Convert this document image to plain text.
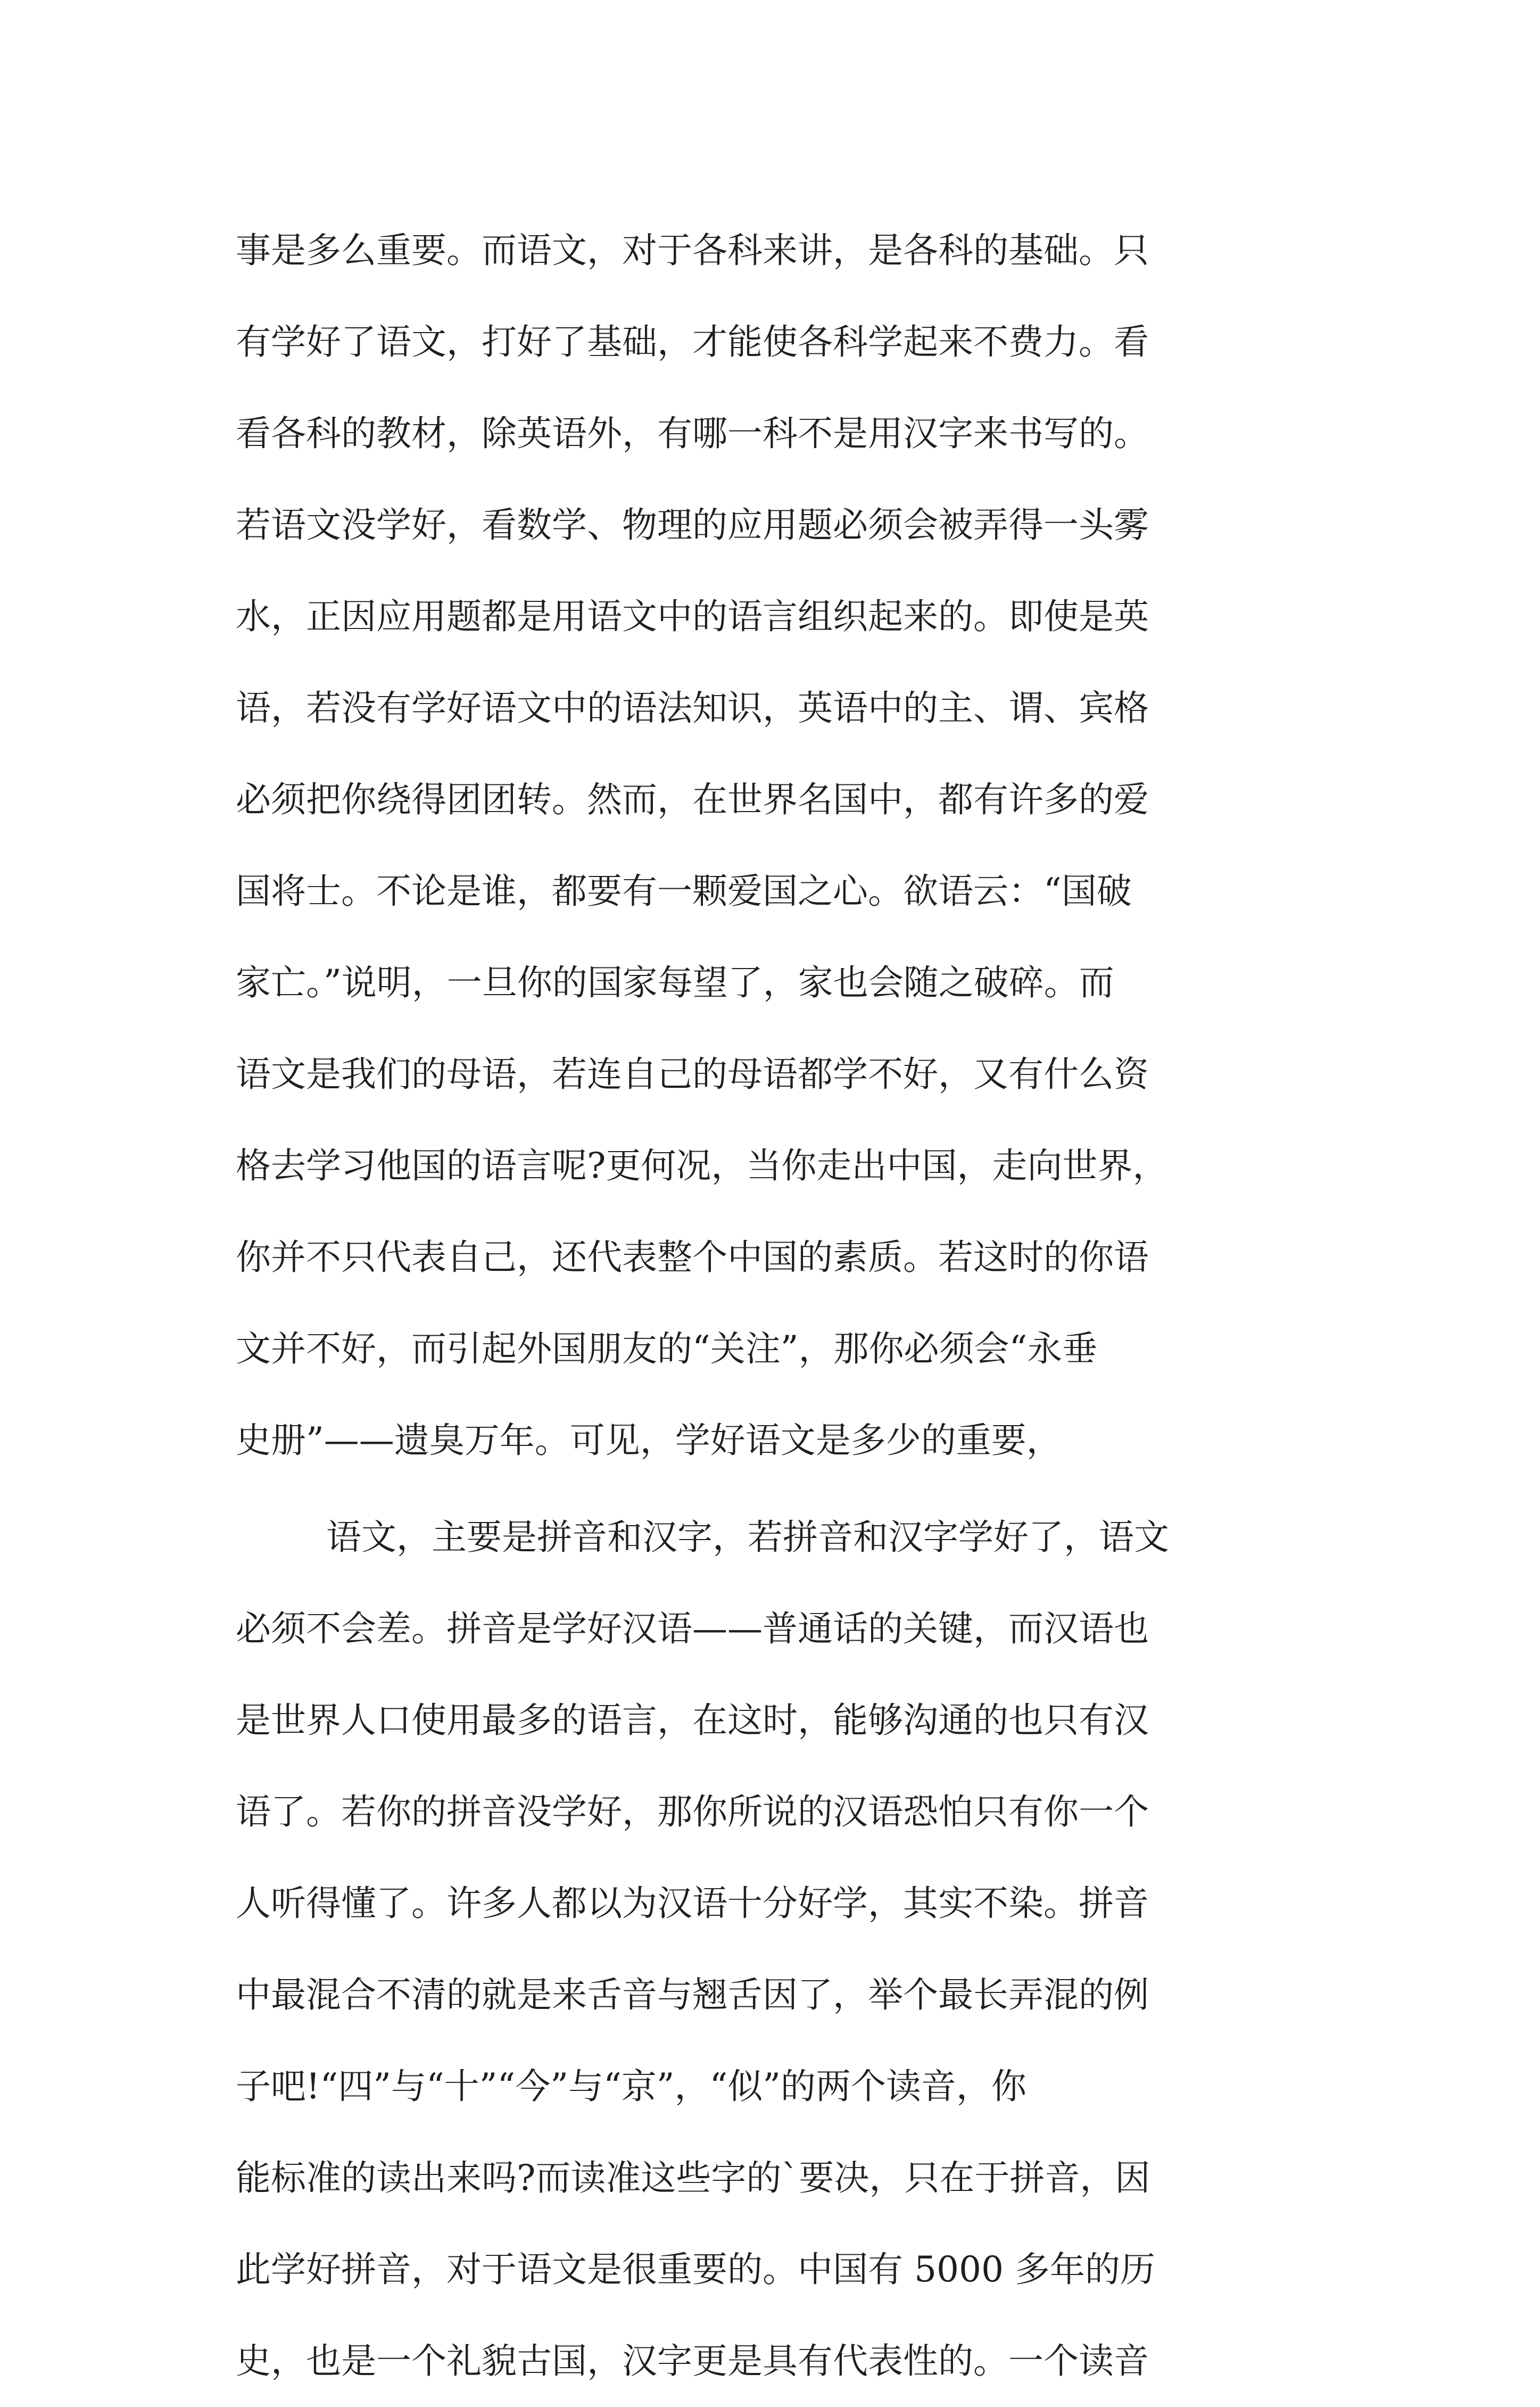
事是多么重要。而语文，对于各科来讲，是各科的基础。只
有学好了语文，打好了基础，才能使各科学起来不费力。看
看各科的教材，除英语外，有哪一科不是用汉字来书写的。
若语文没学好，看数学、物理的应用题必须会被弄得一头雾
水，正因应用题都是用语文中的语言组织起来的。即使是英
语，若没有学好语文中的语法知识，英语中的主、谓、宾格
必须把你绕得团团转。然而，在世界名国中，都有许多的爱
国将士。不论是谁，都要有一颗爱国之心。欲语云：“国破
家亡。”说明，一旦你的国家每望了，家也会随之破碎。而
语文是我们的母语，若连自己的母语都学不好，又有什么资
格去学习他国的语言呢?更何况，当你走出中国，走向世界，
你并不只代表自己，还代表整个中国的素质。若这时的你语
文并不好，而引起外国朋友的“关注”，那你必须会“永垂
史册”——遗臭万年。可见，学好语文是多少的重要，
语文，主要是拼音和汉字，若拼音和汉字学好了，语文
必须不会差。拼音是学好汉语——普通话的关键，而汉语也
是世界人口使用最多的语言，在这时，能够沟通的也只有汉
语了。若你的拼音没学好，那你所说的汉语恐怕只有你一个
人听得懂了。许多人都以为汉语十分好学，其实不染。拼音
中最混合不清的就是来舌音与翘舌因了，举个最长弄混的例
子吧!“四”与“十”“今”与“京”，“似”的两个读音，你
能标准的读出来吗?而读准这些字的`要决，只在于拼音，因
此学好拼音，对于语文是很重要的。中国有 5000 多年的历
史，也是一个礼貌古国，汉字更是具有代表性的。一个读音
